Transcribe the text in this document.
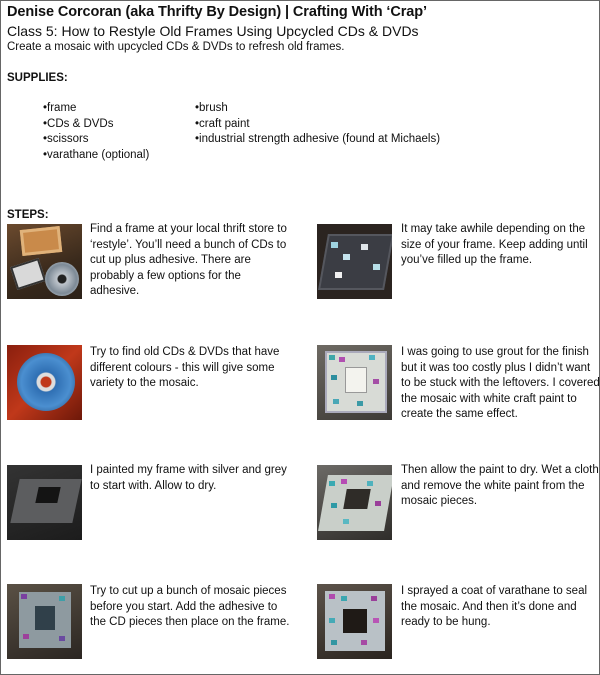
Denise Corcoran (aka Thrifty By Design) | Crafting With ‘Crap’
Class 5: How to Restyle Old Frames Using Upcycled CDs & DVDs
Create a mosaic with upcycled CDs & DVDs to refresh old frames.
SUPPLIES:
• frame
• CDs & DVDs
• scissors
• varathane (optional)
• brush
• craft paint
• industrial strength adhesive (found at Michaels)
STEPS:
Find a frame at your local thrift store to ‘restyle’. You’ll need a bunch of CDs to cut up plus adhesive. There are probably a few options for the adhesive.
It may take awhile depending on the size of your frame. Keep adding until you’ve filled up the frame.
Try to find old CDs & DVDs that have different colours - this will give some variety to the mosaic.
I was going to use grout for the finish but it was too costly plus I didn’t want to be stuck with the leftovers. I covered the mosaic with white craft paint to create the same effect.
I painted my frame with silver and grey to start with. Allow to dry.
Then allow the paint to dry. Wet a cloth and remove the white paint from the mosaic pieces.
Try to cut up a bunch of mosaic pieces before you start. Add the adhesive to the CD pieces then place on the frame.
I sprayed a coat of varathane to seal the mosaic. And then it’s done and ready to be hung.
